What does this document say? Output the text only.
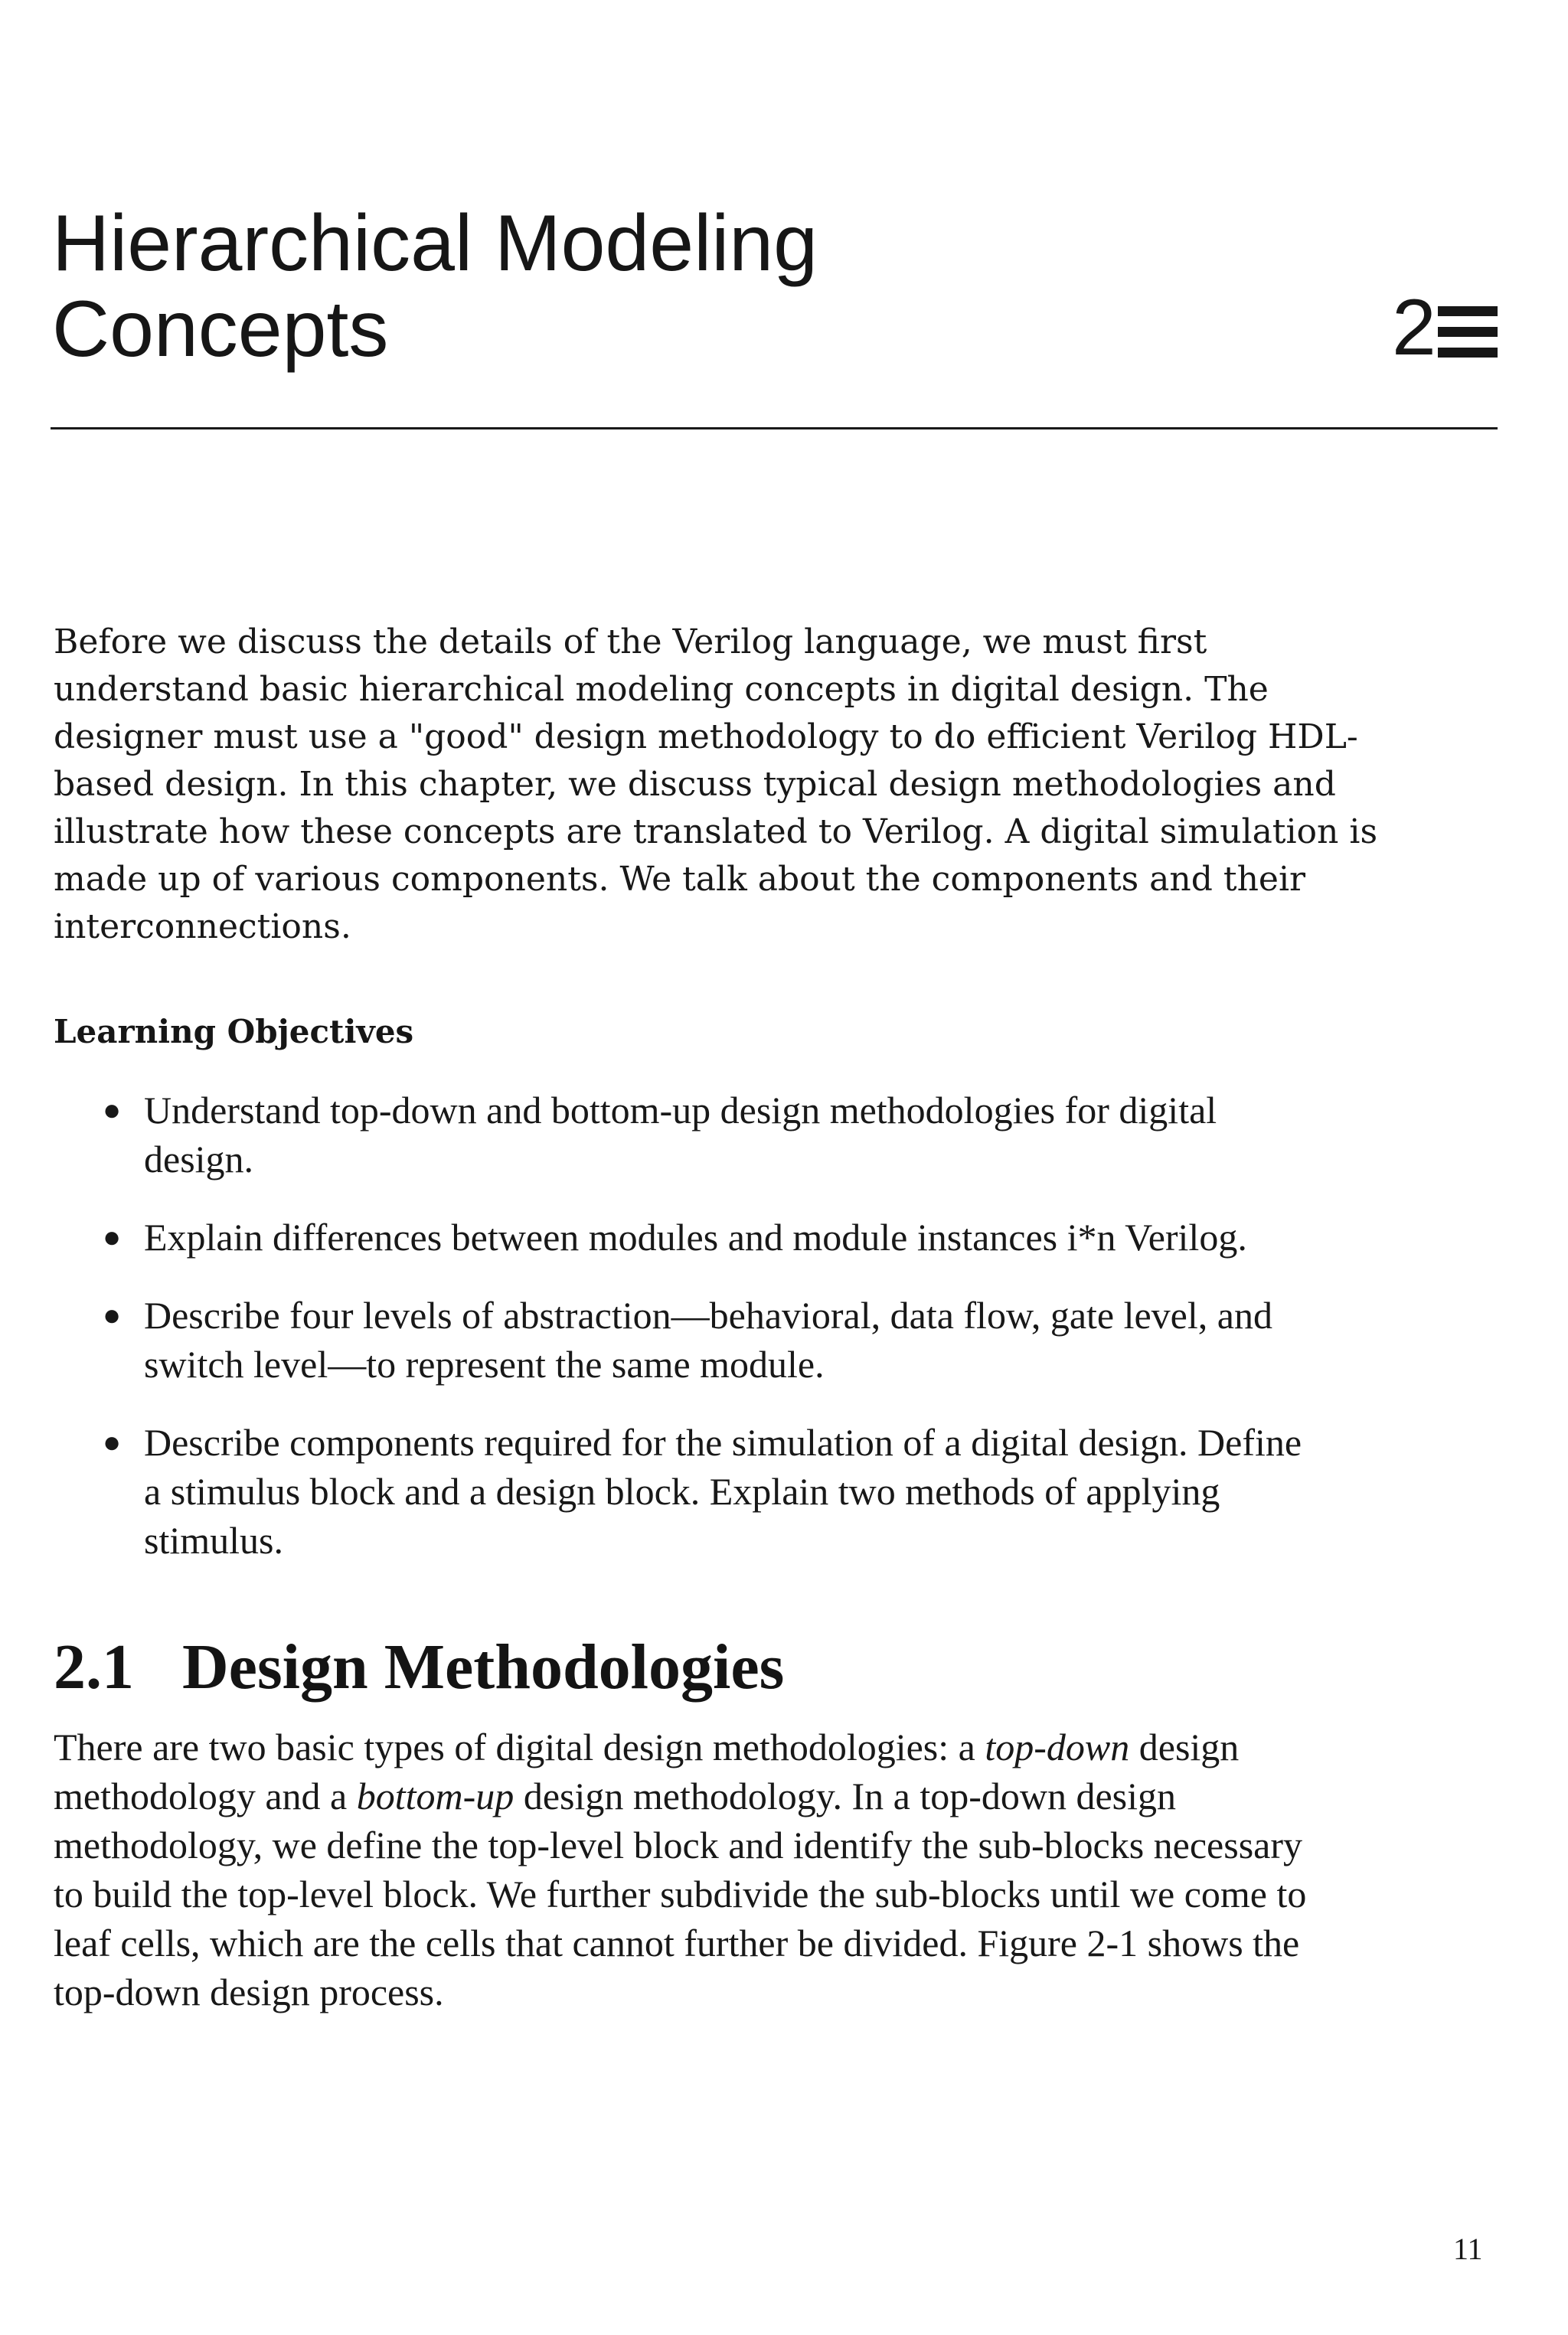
Hierarchical Modeling
Concepts	2

Before we discuss the details of the Verilog language, we must first
understand basic hierarchical modeling concepts in digital design. The
designer must use a "good" design methodology to do efficient Verilog HDL-
based design. In this chapter, we discuss typical design methodologies and
illustrate how these concepts are translated to Verilog. A digital simulation is
made up of various components. We talk about the components and their
interconnections.

Learning Objectives
● Understand top-down and bottom-up design methodologies for digital
design.
● Explain differences between modules and module instances i*n Verilog.
● Describe four levels of abstraction—behavioral, data flow, gate level, and
switch level—to represent the same module.
● Describe components required for the simulation of a digital design. Define
a stimulus block and a design block. Explain two methods of applying
stimulus.
2.1 Design Methodologies

There are two basic types of digital design methodologies: a top-down design
methodology and a bottom-up design methodology. In a top-down design
methodology, we define the top-level block and identify the sub-blocks necessary
to build the top-level block. We further subdivide the sub-blocks until we come to
leaf cells, which are the cells that cannot further be divided. Figure 2-1 shows the
top-down design process.

11
